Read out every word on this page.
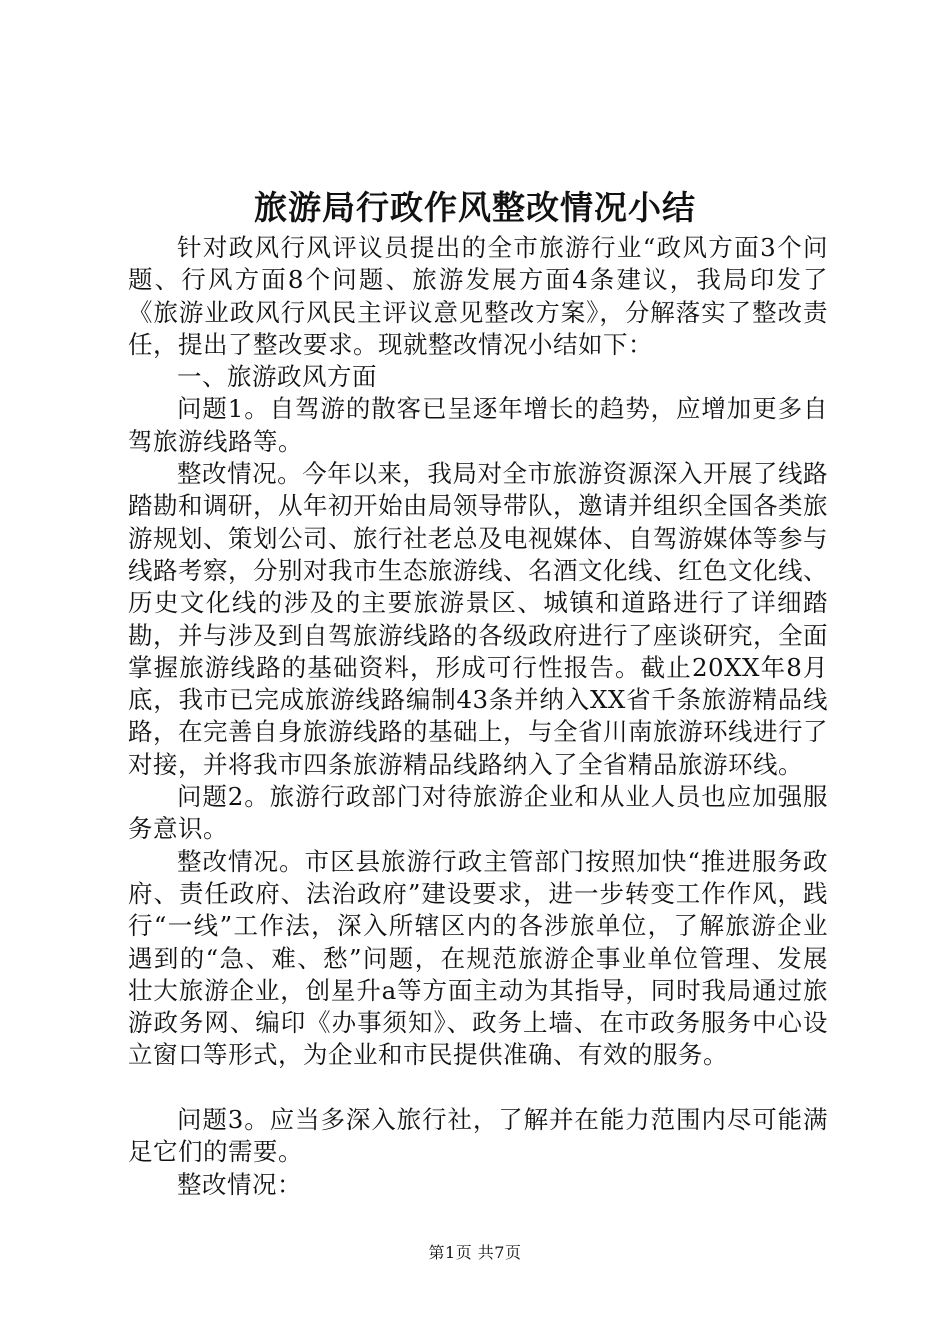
旅游局行政作风整改情况小结

针对政风行风评议员提出的全市旅游行业“政风方面3个问题、行风方面8个问题、旅游发展方面4条建议，我局印发了《旅游业政风行风民主评议意见整改方案》，分解落实了整改责任，提出了整改要求。现就整改情况小结如下：

一、旅游政风方面

问题1。自驾游的散客已呈逐年增长的趋势，应增加更多自驾旅游线路等。

整改情况。今年以来，我局对全市旅游资源深入开展了线路踏勘和调研，从年初开始由局领导带队，邀请并组织全国各类旅游规划、策划公司、旅行社老总及电视媒体、自驾游媒体等参与线路考察，分别对我市生态旅游线、名酒文化线、红色文化线、历史文化线的涉及的主要旅游景区、城镇和道路进行了详细踏勘，并与涉及到自驾旅游线路的各级政府进行了座谈研究，全面掌握旅游线路的基础资料，形成可行性报告。截止20XX年8月底，我市已完成旅游线路编制43条并纳入XX省千条旅游精品线路，在完善自身旅游线路的基础上，与全省川南旅游环线进行了对接，并将我市四条旅游精品线路纳入了全省精品旅游环线。

问题2。旅游行政部门对待旅游企业和从业人员也应加强服务意识。

整改情况。市区县旅游行政主管部门按照加快“推进服务政府、责任政府、法治政府”建设要求，进一步转变工作作风，践行“一线”工作法，深入所辖区内的各涉旅单位，了解旅游企业遇到的“急、难、愁”问题，在规范旅游企事业单位管理、发展壮大旅游企业，创星升a等方面主动为其指导，同时我局通过旅游政务网、编印《办事须知》、政务上墙、在市政务服务中心设立窗口等形式，为企业和市民提供准确、有效的服务。

问题3。应当多深入旅行社，了解并在能力范围内尽可能满足它们的需要。

整改情况：

第1页 共7页
